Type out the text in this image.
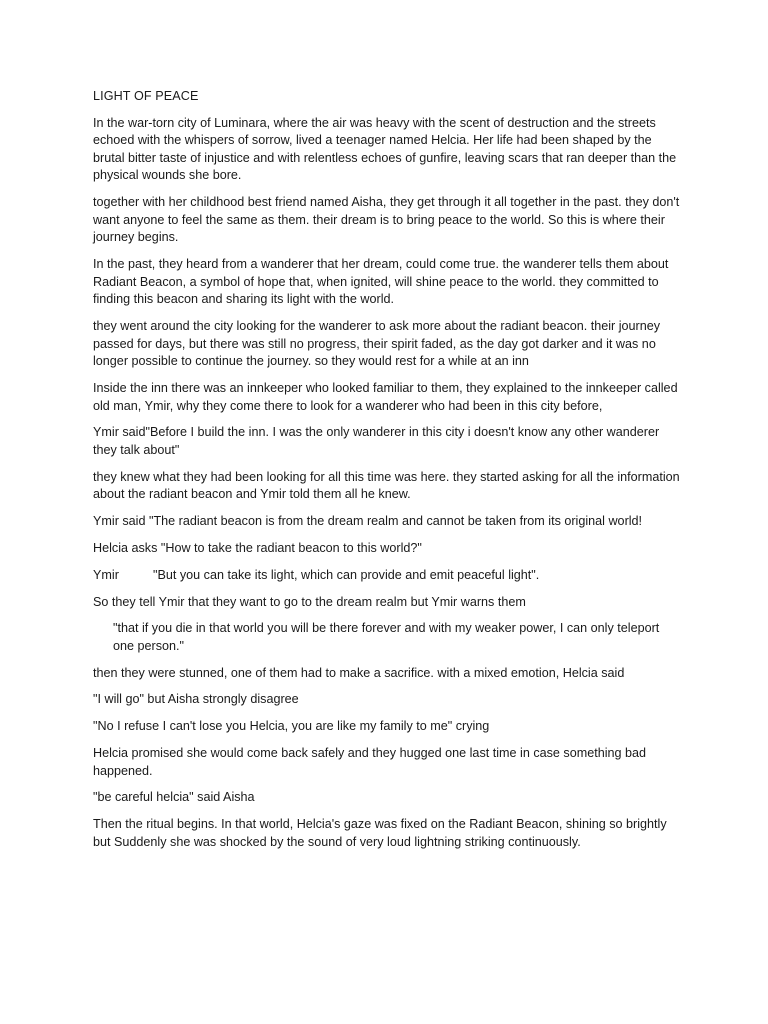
LIGHT OF PEACE

In the war-torn city of Luminara, where the air was heavy with the scent of destruction and the streets echoed with the whispers of sorrow, lived a teenager named Helcia. Her life had been shaped by the brutal bitter taste of injustice and with relentless echoes of gunfire, leaving scars that ran deeper than the physical wounds she bore.

together with her childhood best friend named Aisha, they get through it all together in the past. they don't want anyone to feel the same as them. their dream is to bring peace to the world. So this is where their journey begins.

In the past, they heard from a wanderer that her dream, could come true. the wanderer tells them about Radiant Beacon, a symbol of hope that, when ignited, will shine peace to the world. they committed to finding this beacon and sharing its light with the world.

they went around the city looking for the wanderer to ask more about the radiant beacon. their journey passed for days, but there was still no progress, their spirit faded, as the day got darker and it was no longer possible to continue the journey. so they would rest for a while at an inn

Inside the inn there was an innkeeper who looked familiar to them, they explained to the innkeeper called old man, Ymir, why they come there to look for a wanderer who had been in this city before,

Ymir said"Before I build the inn. I was the only wanderer in this city i doesn't know any other wanderer they talk about"

they knew what they had been looking for all this time was here. they started asking for all the information about the radiant beacon and Ymir told them all he knew.

Ymir said "The radiant beacon is from the dream realm and cannot be taken from its original world!

Helcia asks "How to take the radiant beacon to this world?"

Ymir	"But you can take its light, which can provide and emit peaceful light".

So they tell Ymir that they want to go to the dream realm but Ymir warns them

"that if you die in that world you will be there forever and with my weaker power, I can only teleport one person."

then they were stunned, one of them had to make a sacrifice. with a mixed emotion, Helcia said

"I will go" but Aisha strongly disagree

"No I refuse I can't lose you Helcia, you are like my family to me" crying

Helcia promised she would come back safely and they hugged one last time in case something bad happened.

"be careful helcia" said Aisha

Then the ritual begins. In that world, Helcia's gaze was fixed on the Radiant Beacon, shining so brightly but Suddenly she was shocked by the sound of very loud lightning striking continuously.
